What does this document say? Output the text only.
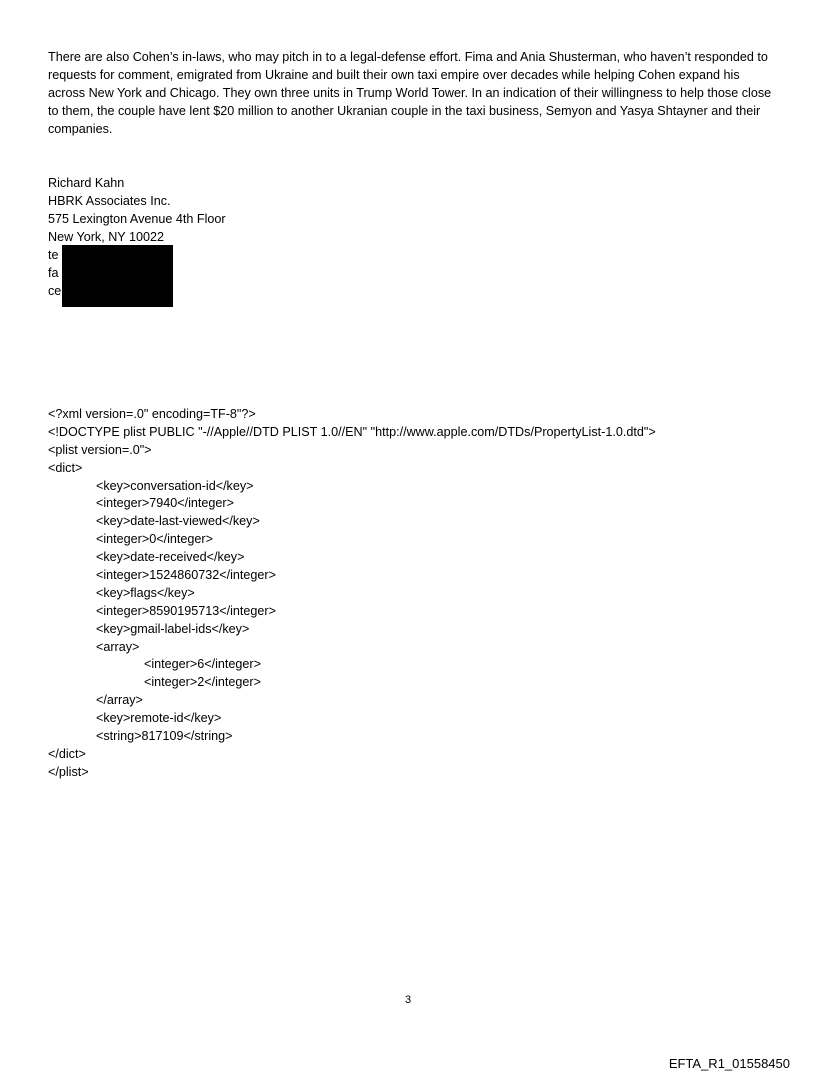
There are also Cohen’s in-laws, who may pitch in to a legal-defense effort. Fima and Ania Shusterman, who haven’t responded to requests for comment, emigrated from Ukraine and built their own taxi empire over decades while helping Cohen expand his across New York and Chicago. They own three units in Trump World Tower. In an indication of their willingness to help those close to them, the couple have lent $20 million to another Ukranian couple in the taxi business, Semyon and Yasya Shtayner and their companies.

Richard Kahn
HBRK Associates Inc.
575 Lexington Avenue 4th Floor
New York, NY 10022
te
fa
ce
<?xml version=.0" encoding=TF-8"?>
<!DOCTYPE plist PUBLIC "-//Apple//DTD PLIST 1.0//EN" "http://www.apple.com/DTDs/PropertyList-1.0.dtd">
<plist version=.0">
<dict>
<key>conversation-id</key>
<integer>7940</integer>
<key>date-last-viewed</key>
<integer>0</integer>
<key>date-received</key>
<integer>1524860732</integer>
<key>flags</key>
<integer>8590195713</integer>
<key>gmail-label-ids</key>
<array>
<integer>6</integer>
<integer>2</integer>
</array>
<key>remote-id</key>
<string>817109</string>
</dict>
</plist>
3
EFTA_R1_01558450
